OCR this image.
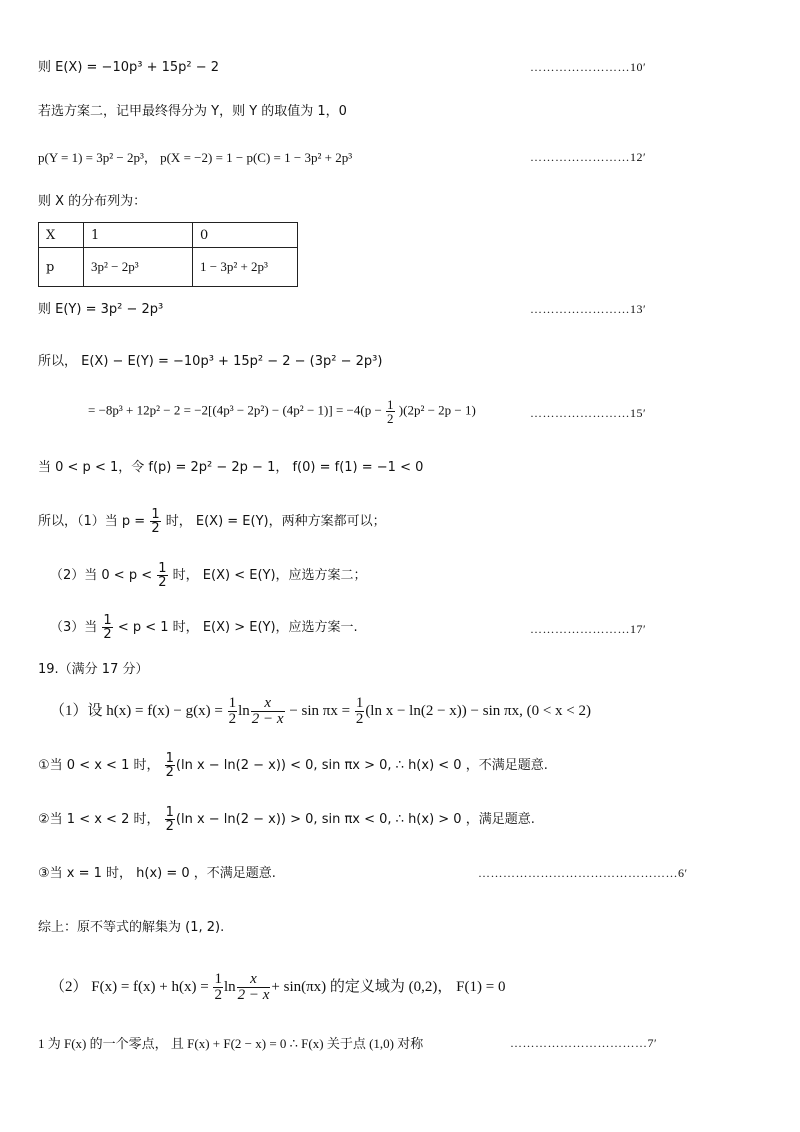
则 E(X) = −10p³ + 15p² − 2	……………………10′
若选方案二，记甲最终得分为 Y，则 Y 的取值为 1，0
p(Y = 1) = 3p² − 2p³， p(X = −2) = 1 − p(C) = 1 − 3p² + 2p³	……………………12′
则 X 的分布列为：
X	1	0
p	3p² − 2p³	1 − 3p² + 2p³
则 E(Y) = 3p² − 2p³	……………………13′
所以， E(X) − E(Y) = −10p³ + 15p² − 2 − (3p² − 2p³)
= $-8p^3 + 12p^2 - 2 = -2[(4p^3 - 2p^2) - (4p^2 - 1)] = -4(p - \frac{1}{2} )(2p^2 - 2p - 1)$	……………………15′
当 0 < p < 1，令 f(p) = 2p² − 2p − 1， f(0) = f(1) = −1 < 0
所以，（1）当 $p = \frac{1}{2}$ 时， E(X) = E(Y)，两种方案都可以；
（2）当 $0 < p < \frac{1}{2}$ 时， E(X) < E(Y)，应选方案二；
（3）当 $\frac{1}{2} < p < 1$ 时， E(X) > E(Y)，应选方案一.	……………………17′
19.（满分 17 分）
（1）设 $h(x) = f(x) - g(x) = \frac{1}{2}$ $\ln \frac{x}{2 - x} - \sin \pi x = \frac{1}{2} (\ln$ x − ln(2 − x)) − sin πx, (0 < x < 2)
①当 0 < x < 1 时， $\frac{1}{2} (\ln$ x − ln(2 − x)) < 0, sin πx > 0, ∴ h(x) < 0 ，不满足题意.
②当 1 < x < 2 时， $\frac{1}{2} (\ln$ x − ln(2 − x)) > 0, sin πx < 0, ∴ h(x) > 0 ，满足题意.
③当 x = 1 时， h(x) = 0 ，不满足题意.	…………………………………………6′
综上：原不等式的解集为 (1, 2).
（2） $F(x) = f(x) + h(x) = \frac{1}{2}$ $\ln \frac{x}{2 - x} + \sin(\pi x)$ 的定义域为 (0,2)， F(1) = 0
1 为 F(x) 的一个零点， 且 F(x) + F(2 − x) = 0 ∴ F(x) 关于点 (1,0) 对称	……………………………7′
